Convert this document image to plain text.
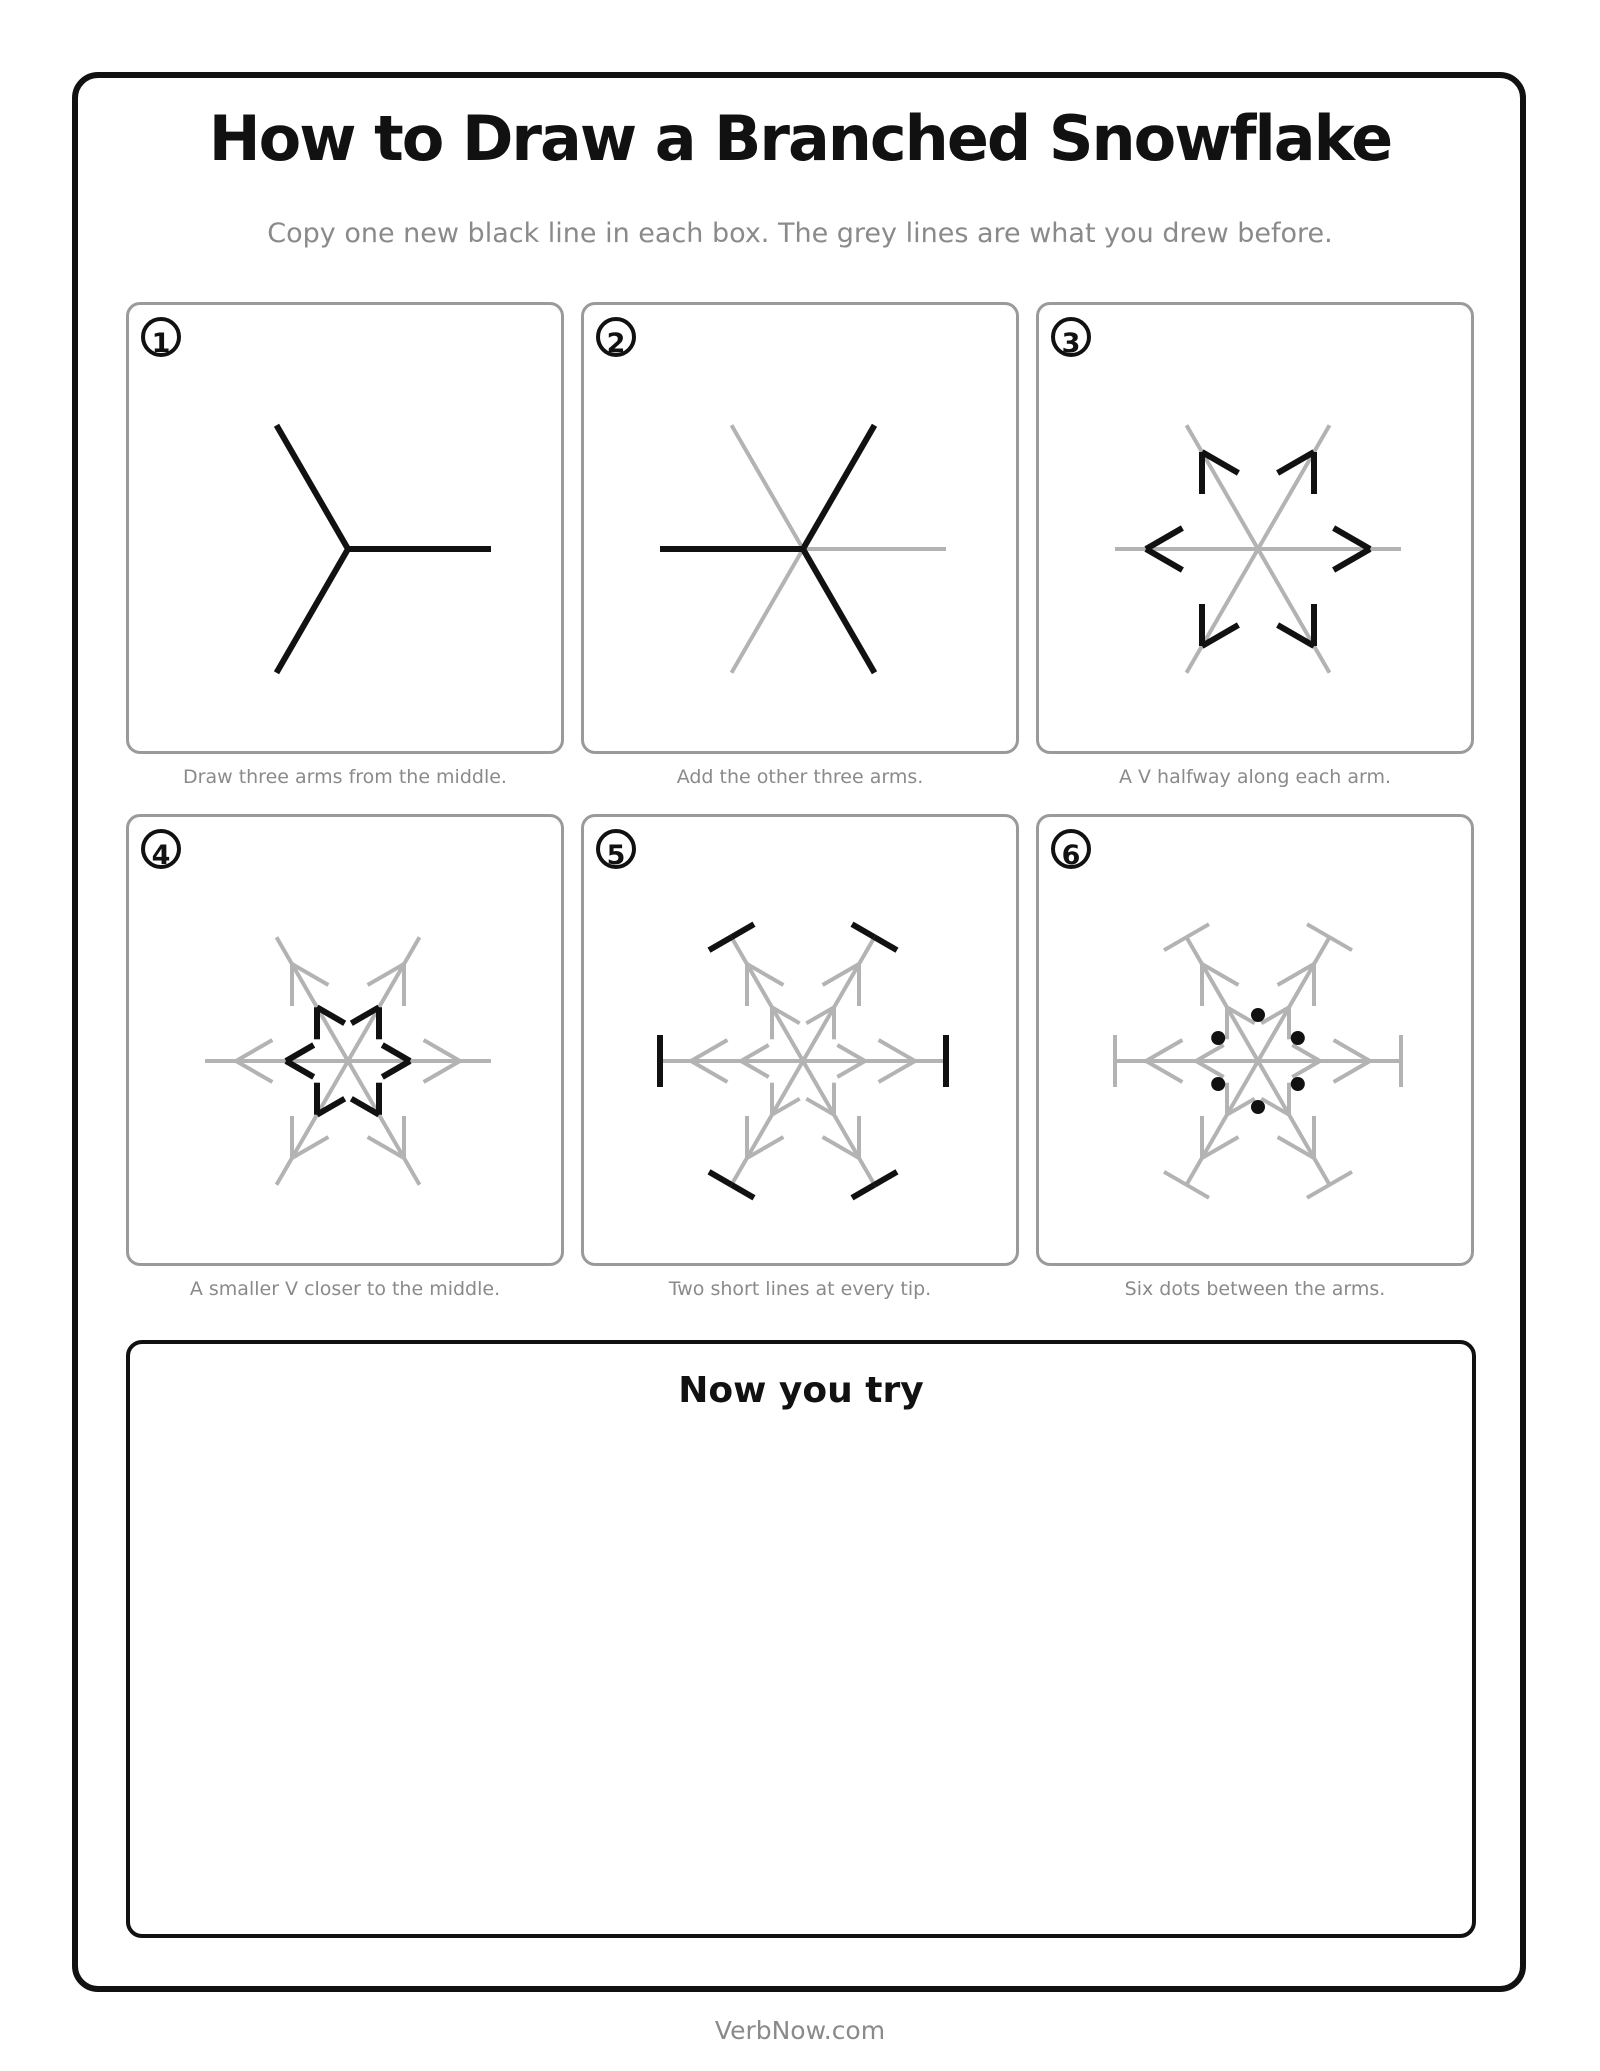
How to Draw a Branched Snowflake

Copy one new black line in each box. The grey lines are what you drew before.

1
Draw three arms from the middle.
2
Add the other three arms.
3
A V halfway along each arm.
4
A smaller V closer to the middle.
5
Two short lines at every tip.
6
Six dots between the arms.
Now you try
VerbNow.com
